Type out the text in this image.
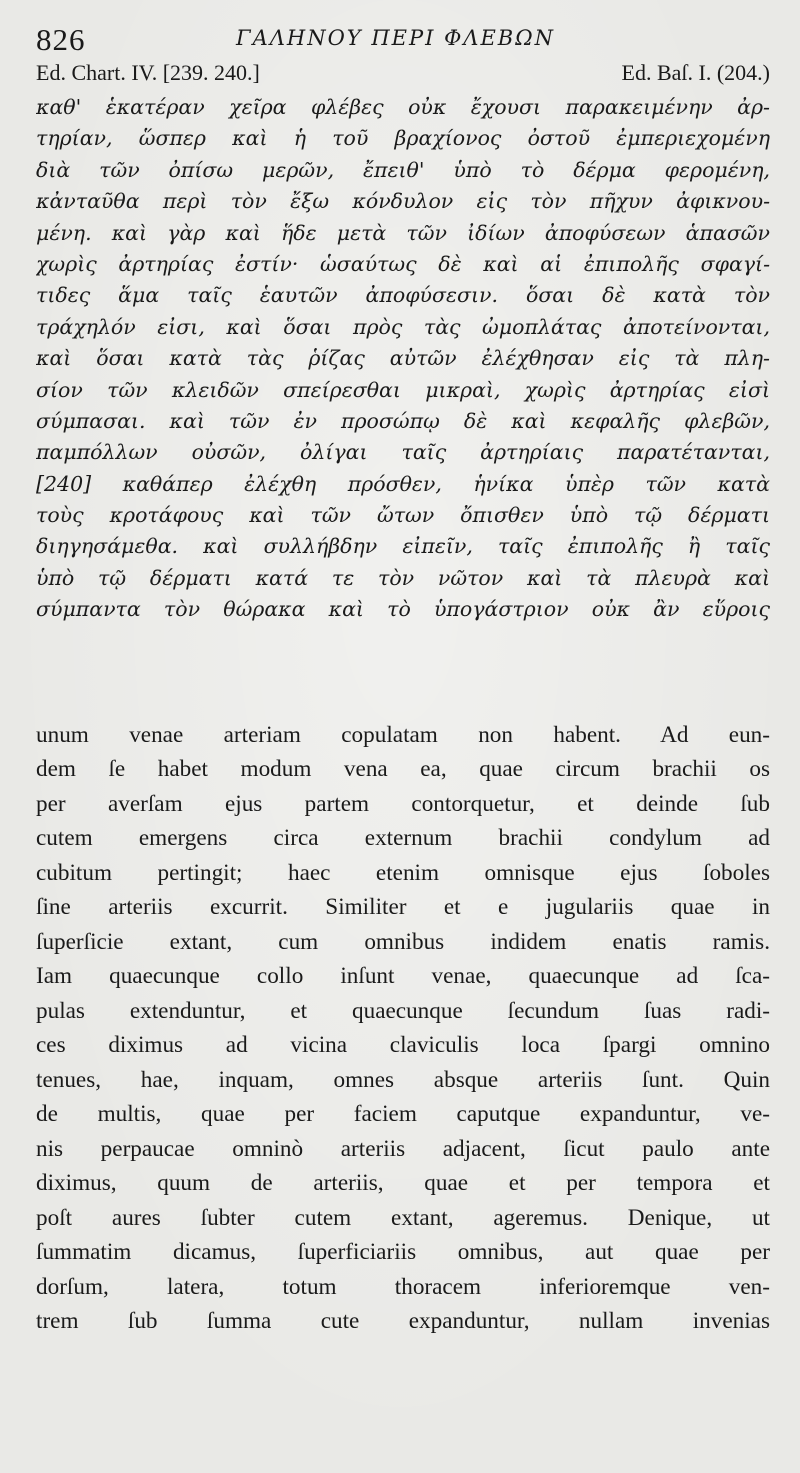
826	ΓΑΛΗΝΟΥ ΠΕΡΙ ΦΛΕΒΩΝ
Ed. Chart. IV. [239. 240.]	Ed. Baſ. I. (204.)
καθ' ἑκατέραν χεῖρα φλέβες οὐκ ἔχουσι παρακειμένην ἀρ-
τηρίαν, ὥσπερ καὶ ἡ τοῦ βραχίονος ὀστοῦ ἐμπεριεχομένη
διὰ τῶν ὀπίσω μερῶν, ἔπειθ' ὑπὸ τὸ δέρμα φερομένη,
κἀνταῦθα περὶ τὸν ἔξω κόνδυλον εἰς τὸν πῆχυν ἀφικνου-
μένη. καὶ γὰρ καὶ ἥδε μετὰ τῶν ἰδίων ἀποφύσεων ἁπασῶν
χωρὶς ἀρτηρίας ἐστίν· ὡσαύτως δὲ καὶ αἱ ἐπιπολῆς σφαγί-
τιδες ἅμα ταῖς ἑαυτῶν ἀποφύσεσιν. ὅσαι δὲ κατὰ τὸν
τράχηλόν εἰσι, καὶ ὅσαι πρὸς τὰς ὠμοπλάτας ἀποτείνονται,
καὶ ὅσαι κατὰ τὰς ῥίζας αὐτῶν ἐλέχθησαν εἰς τὰ πλη-
σίον τῶν κλειδῶν σπείρεσθαι μικραὶ, χωρὶς ἀρτηρίας εἰσὶ
σύμπασαι. καὶ τῶν ἐν προσώπῳ δὲ καὶ κεφαλῆς φλεβῶν,
παμπόλλων οὐσῶν, ὀλίγαι ταῖς ἀρτηρίαις παρατέτανται,
[240] καθάπερ ἐλέχθη πρόσθεν, ἡνίκα ὑπὲρ τῶν κατὰ
τοὺς κροτάφους καὶ τῶν ὤτων ὄπισθεν ὑπὸ τῷ δέρματι
διηγησάμεθα. καὶ συλλήβδην εἰπεῖν, ταῖς ἐπιπολῆς ἢ ταῖς
ὑπὸ τῷ δέρματι κατά τε τὸν νῶτον καὶ τὰ πλευρὰ καὶ
σύμπαντα τὸν θώρακα καὶ τὸ ὑπογάστριον οὐκ ἂν εὕροις
unum venae arteriam copulatam non habent. Ad eun-
dem ſe habet modum vena ea, quae circum brachii os
per averſam ejus partem contorquetur, et deinde ſub
cutem emergens circa externum brachii condylum ad
cubitum pertingit; haec etenim omnisque ejus ſoboles
ſine arteriis excurrit. Similiter et e jugulariis quae in
ſuperſicie extant, cum omnibus indidem enatis ramis.
Iam quaecunque collo inſunt venae, quaecunque ad ſca-
pulas extenduntur, et quaecunque ſecundum ſuas radi-
ces diximus ad vicina claviculis loca ſpargi omnino
tenues, hae, inquam, omnes absque arteriis ſunt. Quin
de multis, quae per faciem caputque expanduntur, ve-
nis perpaucae omninò arteriis adjacent, ſicut paulo ante
diximus, quum de arteriis, quae et per tempora et
poſt aures ſubter cutem extant, ageremus. Denique, ut
ſummatim dicamus, ſuperficiariis omnibus, aut quae per
dorſum, latera, totum thoracem inferioremque ven-
trem ſub ſumma cute expanduntur, nullam invenias
